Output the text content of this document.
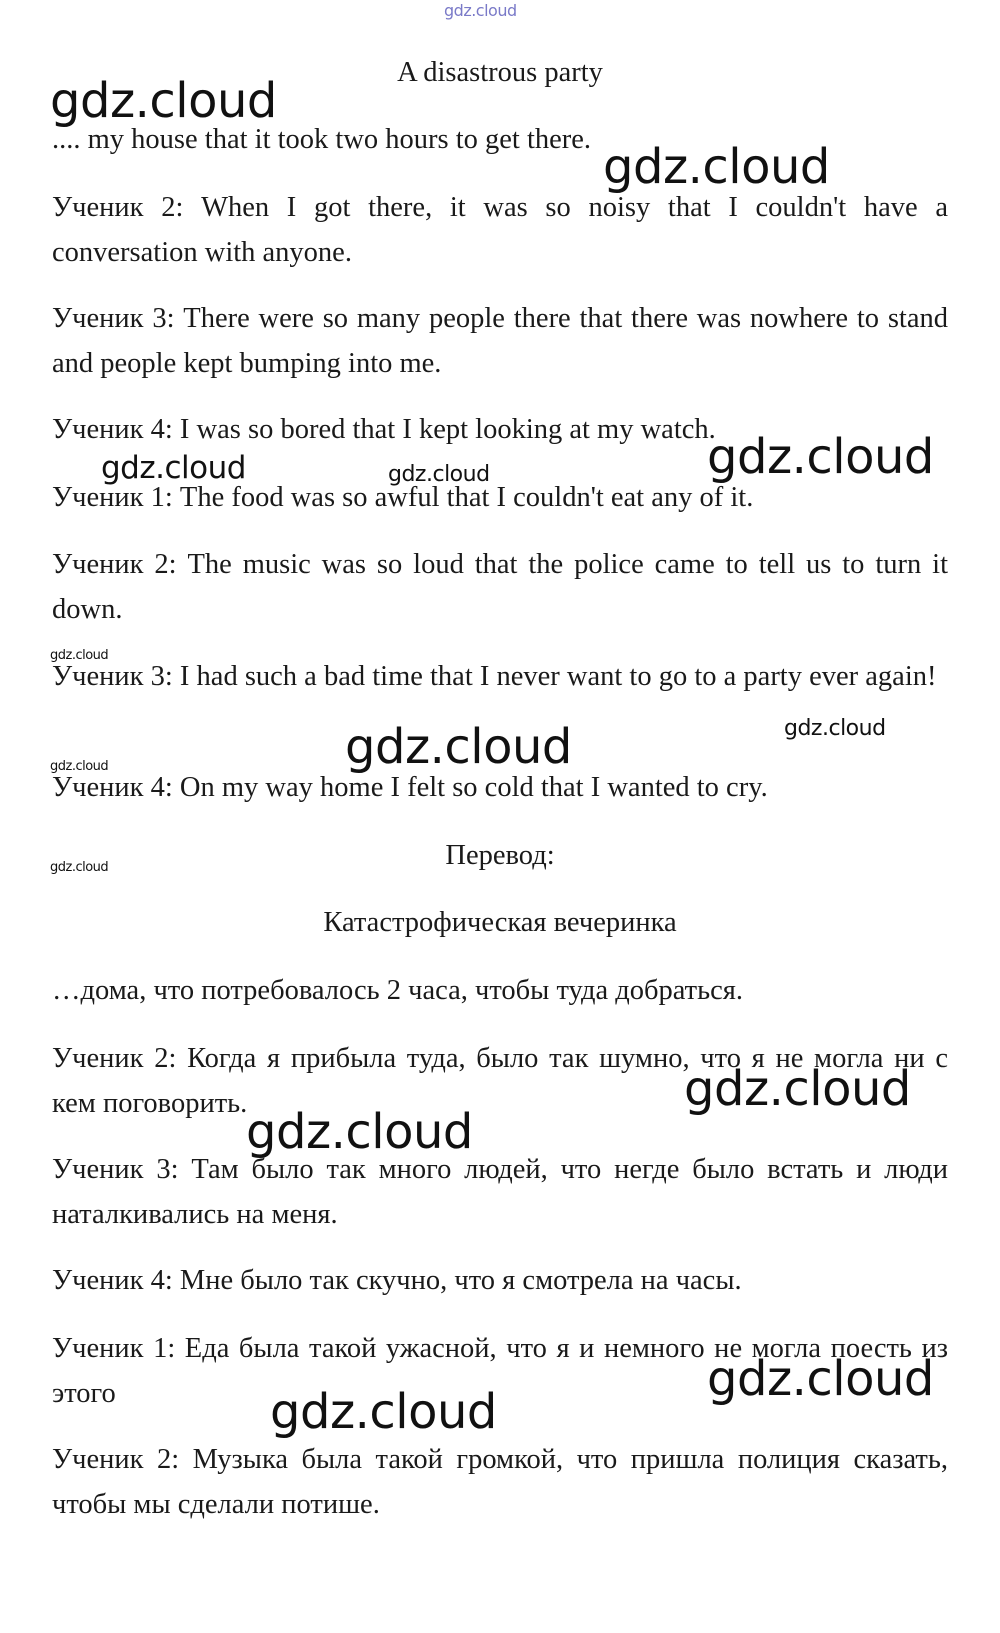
gdz.cloud

A disastrous party

.... my house that it took two hours to get there.

Ученик 2: When I got there, it was so noisy that I couldn't have a conversation with anyone.

Ученик 3: There were so many people there that there was nowhere to stand and people kept bumping into me.

Ученик 4: I was so bored that I kept looking at my watch.

Ученик 1: The food was so awful that I couldn't eat any of it.

Ученик 2: The music was so loud that the police came to tell us to turn it down.

Ученик 3: I had such a bad time that I never want to go to a party ever again!

Ученик 4: On my way home I felt so cold that I wanted to cry.

Перевод:

Катастрофическая вечеринка

…дома, что потребовалось 2 часа, чтобы туда добраться.

Ученик 2: Когда я прибыла туда, было так шумно, что я не могла ни с кем поговорить.

Ученик 3: Там было так много людей, что негде было встать и люди наталкивались на меня.

Ученик 4: Мне было так скучно, что я смотрела на часы.

Ученик 1: Еда была такой ужасной, что я и немного не могла поесть из этого

Ученик 2: Музыка была такой громкой, что пришла полиция сказать, чтобы мы сделали потише.

gdz.cloud
gdz.cloud
gdz.cloud	gdz.cloud	gdz.cloud
gdz.cloud
gdz.cloud
gdz.cloud
gdz.cloud
gdz.cloud
gdz.cloud
gdz.cloud
gdz.cloud
gdz.cloud
